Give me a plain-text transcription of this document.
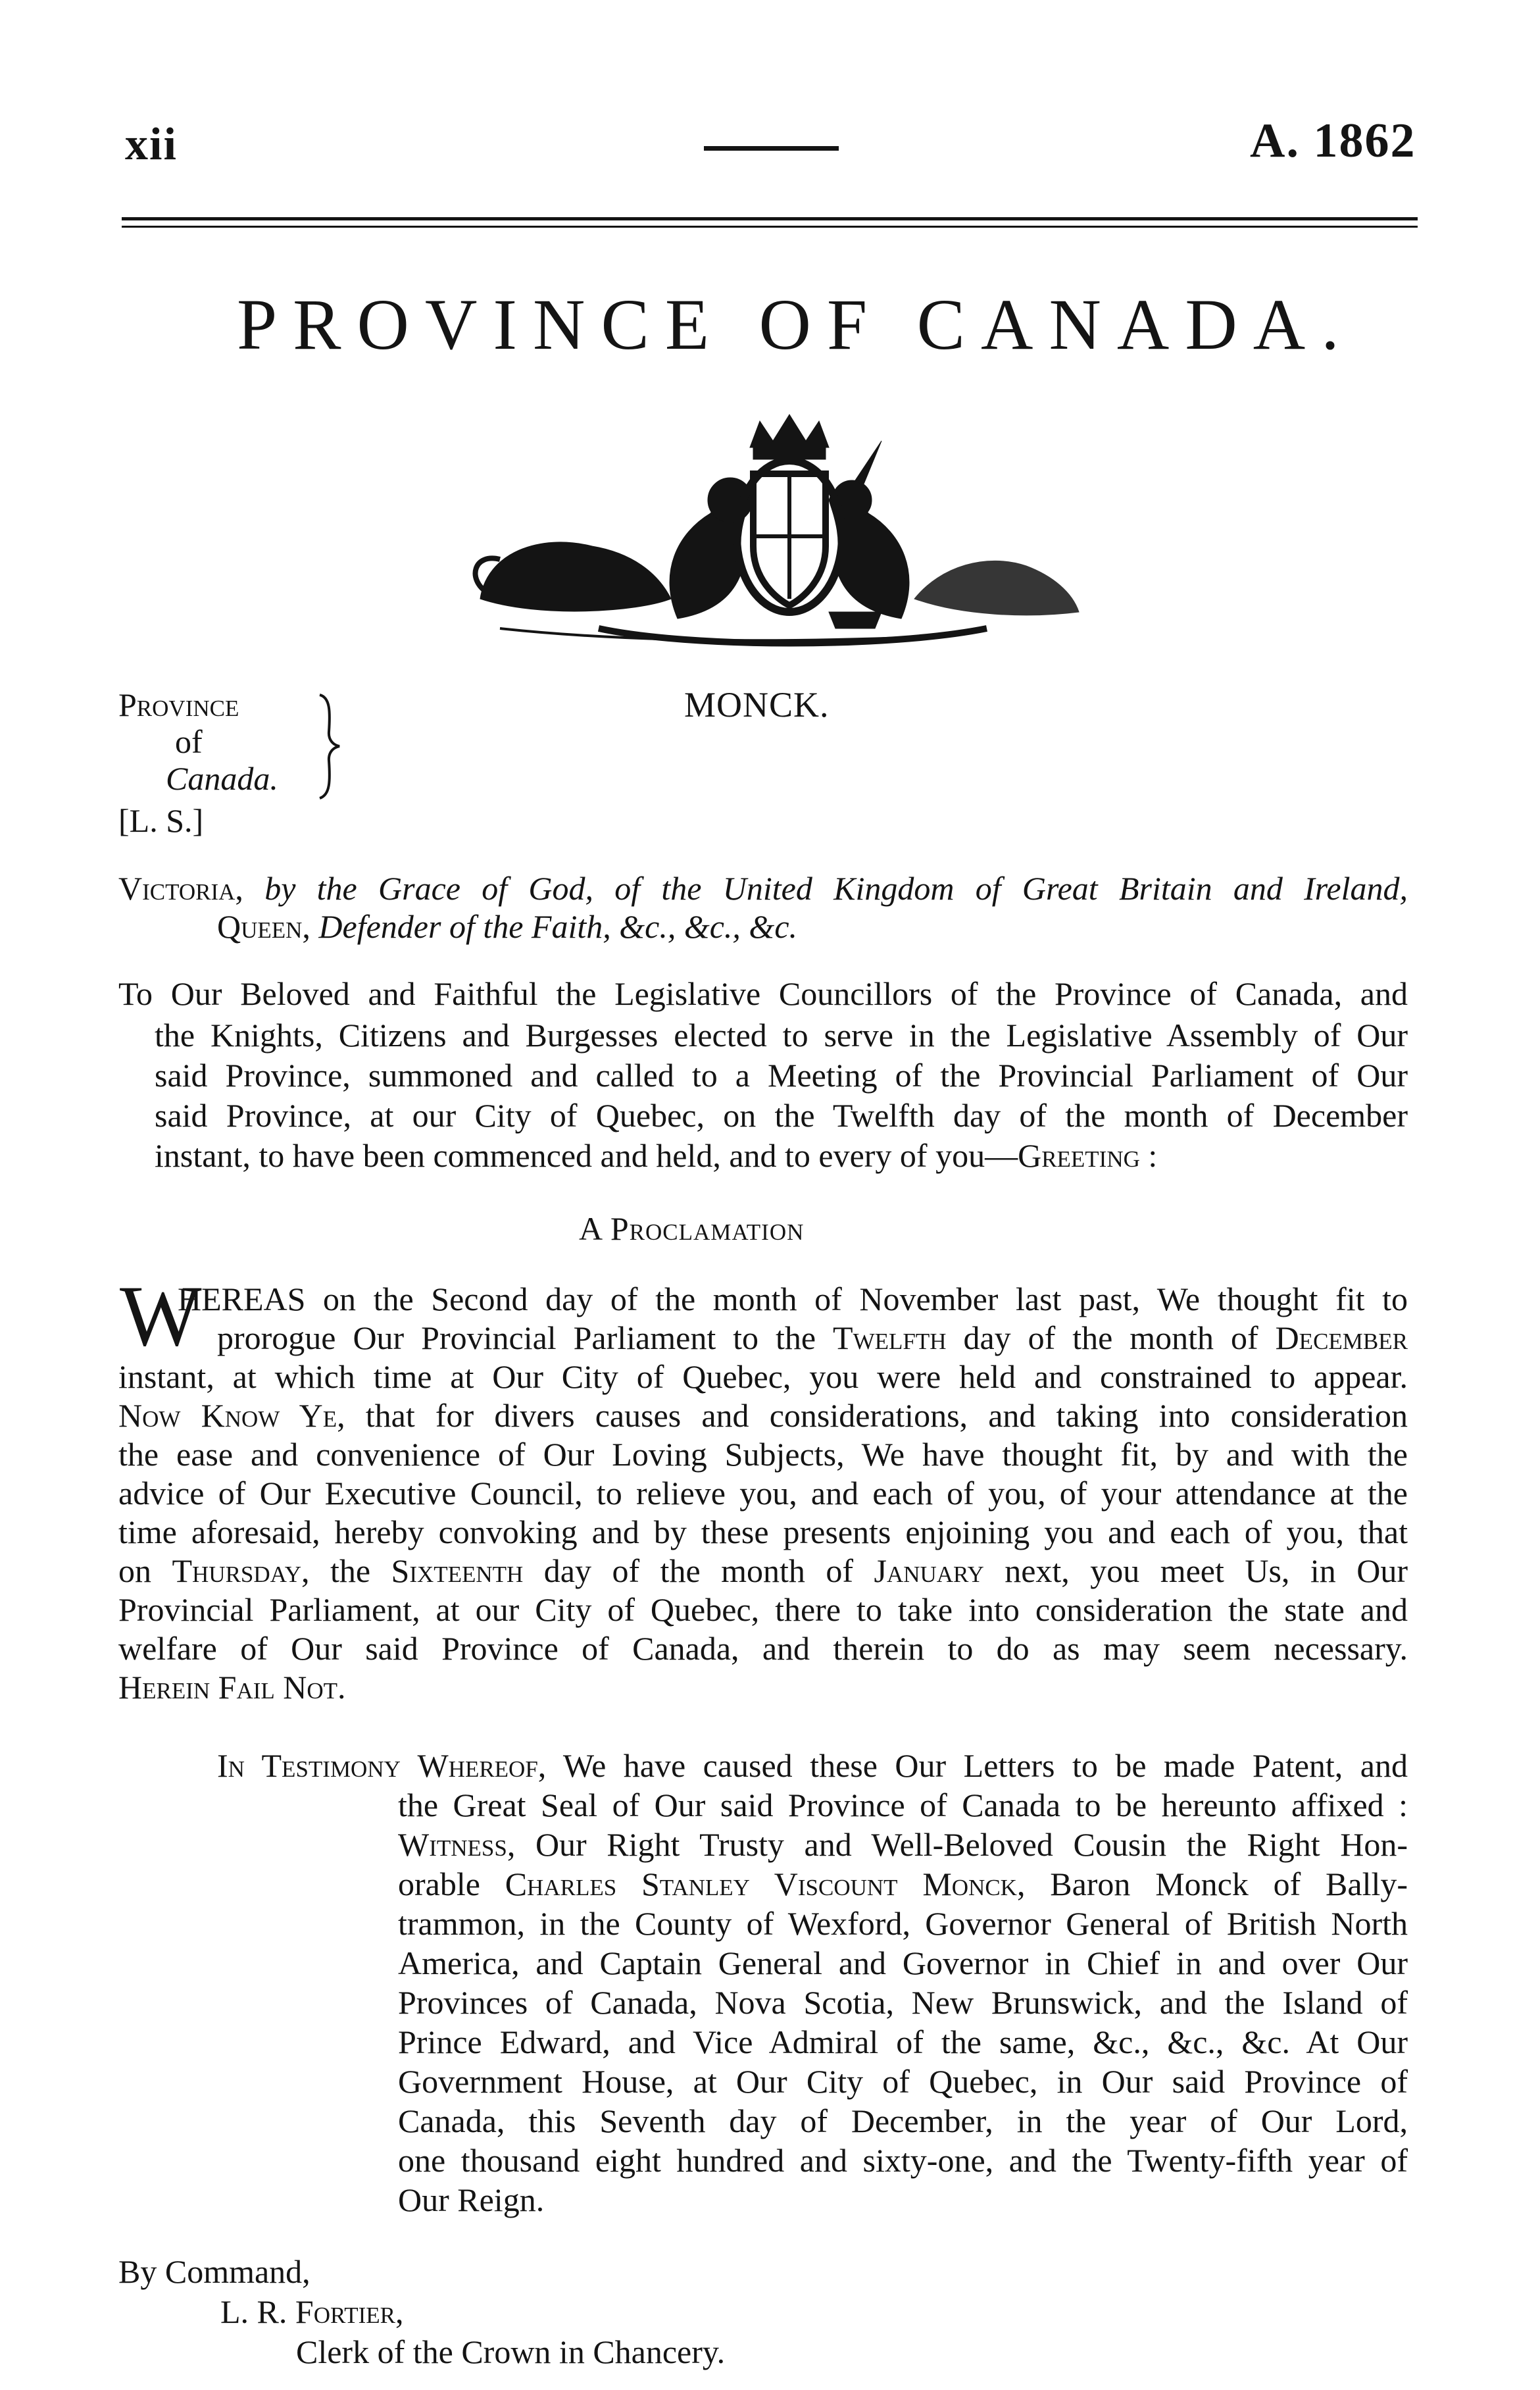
xii	A. 1862
PROVINCE OF CANADA.
Province
of
Canada.
[L. S.]
MONCK.
Victoria, by the Grace of God, of the United Kingdom of Great Britain and Ireland,
Queen, Defender of the Faith, &c., &c., &c.
To Our Beloved and Faithful the Legislative Councillors of the Province of Canada, and
the Knights, Citizens and Burgesses elected to serve in the Legislative Assembly of Our
said Province, summoned and called to a Meeting of the Provincial Parliament of Our
said Province, at our City of Quebec, on the Twelfth day of the month of December
instant, to have been commenced and held, and to every of you—Greeting :
A Proclamation
W
HEREAS on the Second day of the month of November last past, We thought fit to
prorogue Our Provincial Parliament to the Twelfth day of the month of December
instant, at which time at Our City of Quebec, you were held and constrained to appear.
Now Know Ye, that for divers causes and considerations, and taking into consideration
the ease and convenience of Our Loving Subjects, We have thought fit, by and with the
advice of Our Executive Council, to relieve you, and each of you, of your attendance at the
time aforesaid, hereby convoking and by these presents enjoining you and each of you, that
on Thursday, the Sixteenth day of the month of January next, you meet Us, in Our
Provincial Parliament, at our City of Quebec, there to take into consideration the state and
welfare of Our said Province of Canada, and therein to do as may seem necessary.
Herein Fail Not.
In Testimony Whereof, We have caused these Our Letters to be made Patent, and
the Great Seal of Our said Province of Canada to be hereunto affixed :
Witness, Our Right Trusty and Well-Beloved Cousin the Right Hon-
orable Charles Stanley Viscount Monck, Baron Monck of Bally-
trammon, in the County of Wexford, Governor General of British North
America, and Captain General and Governor in Chief in and over Our
Provinces of Canada, Nova Scotia, New Brunswick, and the Island of
Prince Edward, and Vice Admiral of the same, &c., &c., &c. At Our
Government House, at Our City of Quebec, in Our said Province of
Canada, this Seventh day of December, in the year of Our Lord,
one thousand eight hundred and sixty-one, and the Twenty-fifth year of
Our Reign.
By Command,
L. R. Fortier,
Clerk of the Crown in Chancery.
